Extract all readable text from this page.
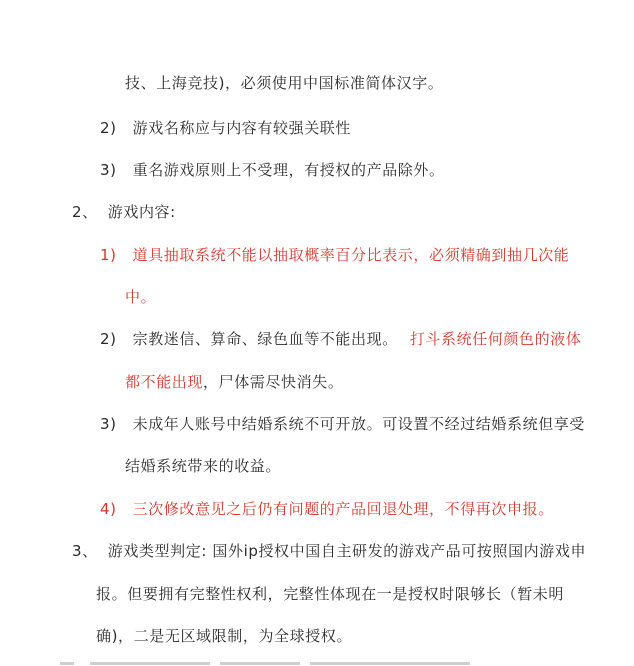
技、上海竞技)，必须使用中国标准简体汉字。
2) 游戏名称应与内容有较强关联性
3) 重名游戏原则上不受理，有授权的产品除外。
2、 游戏内容:
1) 道具抽取系统不能以抽取概率百分比表示，必须精确到抽几次能
中。
2) 宗教迷信、算命、绿色血等不能出现。 打斗系统任何颜色的液体
都不能出现，尸体需尽快消失。
3) 未成年人账号中结婚系统不可开放。可设置不经过结婚系统但享受
结婚系统带来的收益。
4) 三次修改意见之后仍有问题的产品回退处理，不得再次申报。
3、 游戏类型判定: 国外ip授权中国自主研发的游戏产品可按照国内游戏申
报。但要拥有完整性权利，完整性体现在一是授权时限够长（暂未明
确)，二是无区域限制，为全球授权。
